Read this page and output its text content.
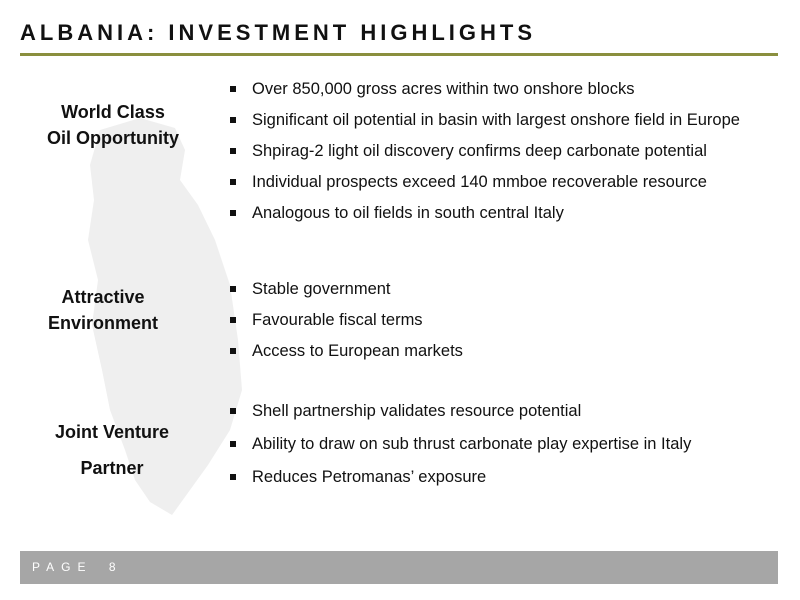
ALBANIA: INVESTMENT HIGHLIGHTS
World Class
Oil Opportunity
Over 850,000 gross acres within two onshore blocks
Significant oil potential in basin with largest onshore field in Europe
Shpirag-2 light oil discovery confirms deep carbonate potential
Individual prospects exceed 140 mmboe recoverable resource
Analogous to oil fields in south central Italy
Attractive
Environment
Stable government
Favourable fiscal terms
Access to European markets
Joint Venture
Partner
Shell partnership validates resource potential
Ability to draw on sub thrust carbonate play expertise in Italy
Reduces Petromanas’ exposure
PAGE 8
